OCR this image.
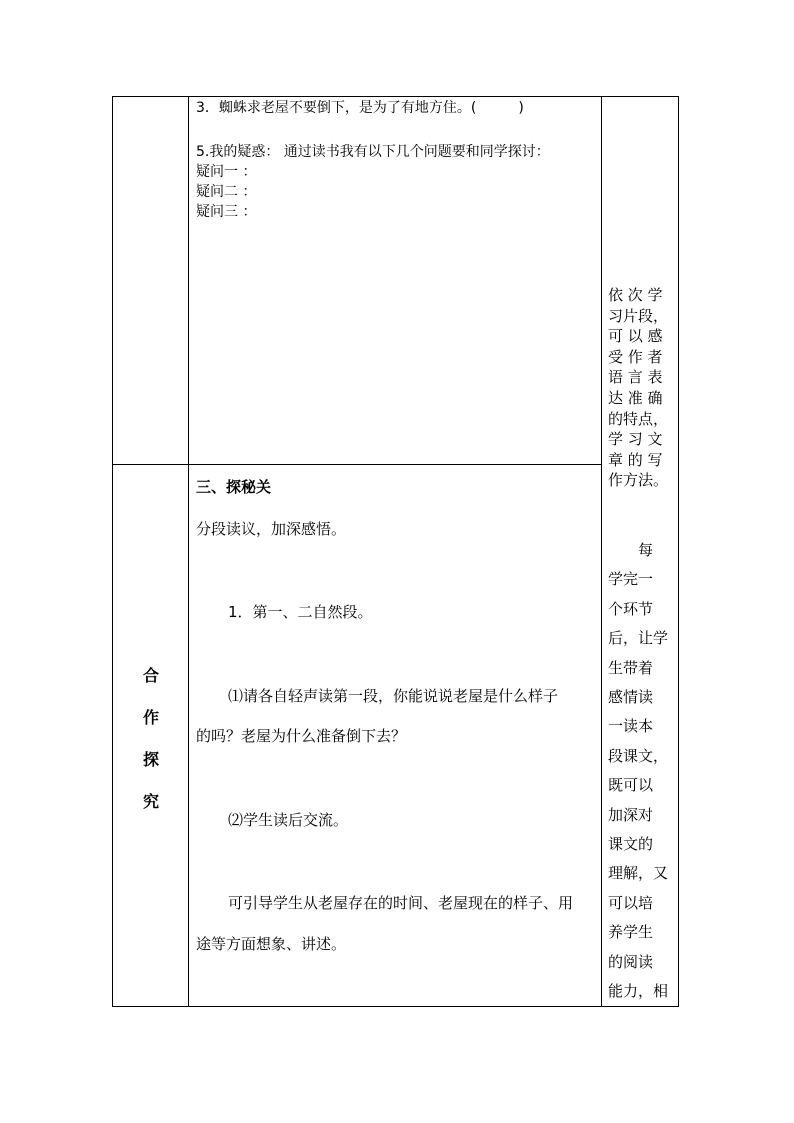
3．蜘蛛求老屋不要倒下，是为了有地方住。(　　　)
5.我的疑惑： 通过读书我有以下几个问题要和同学探讨：
疑问一 ：
疑问二 ：
疑问三 ：
合
作
探
究
三、探秘关
分段读议，加深感悟。
1．第一、二自然段。
⑴请各自轻声读第一段，你能说说老屋是什么样子
的吗？老屋为什么准备倒下去？
⑵学生读后交流。
可引导学生从老屋存在的时间、老屋现在的样子、用
途等方面想象、讲述。
依 次 学
习片段，
可 以 感
受 作 者
语 言 表
达 准 确
的特点，
学 习 文
章 的 写
作方法。
　　每
学完一
个环节
后，让学
生带着
感情读
一读本
段课文，
既可以
加深对
课文的
理解，又
可以培
养学生
的阅读
能力，相
